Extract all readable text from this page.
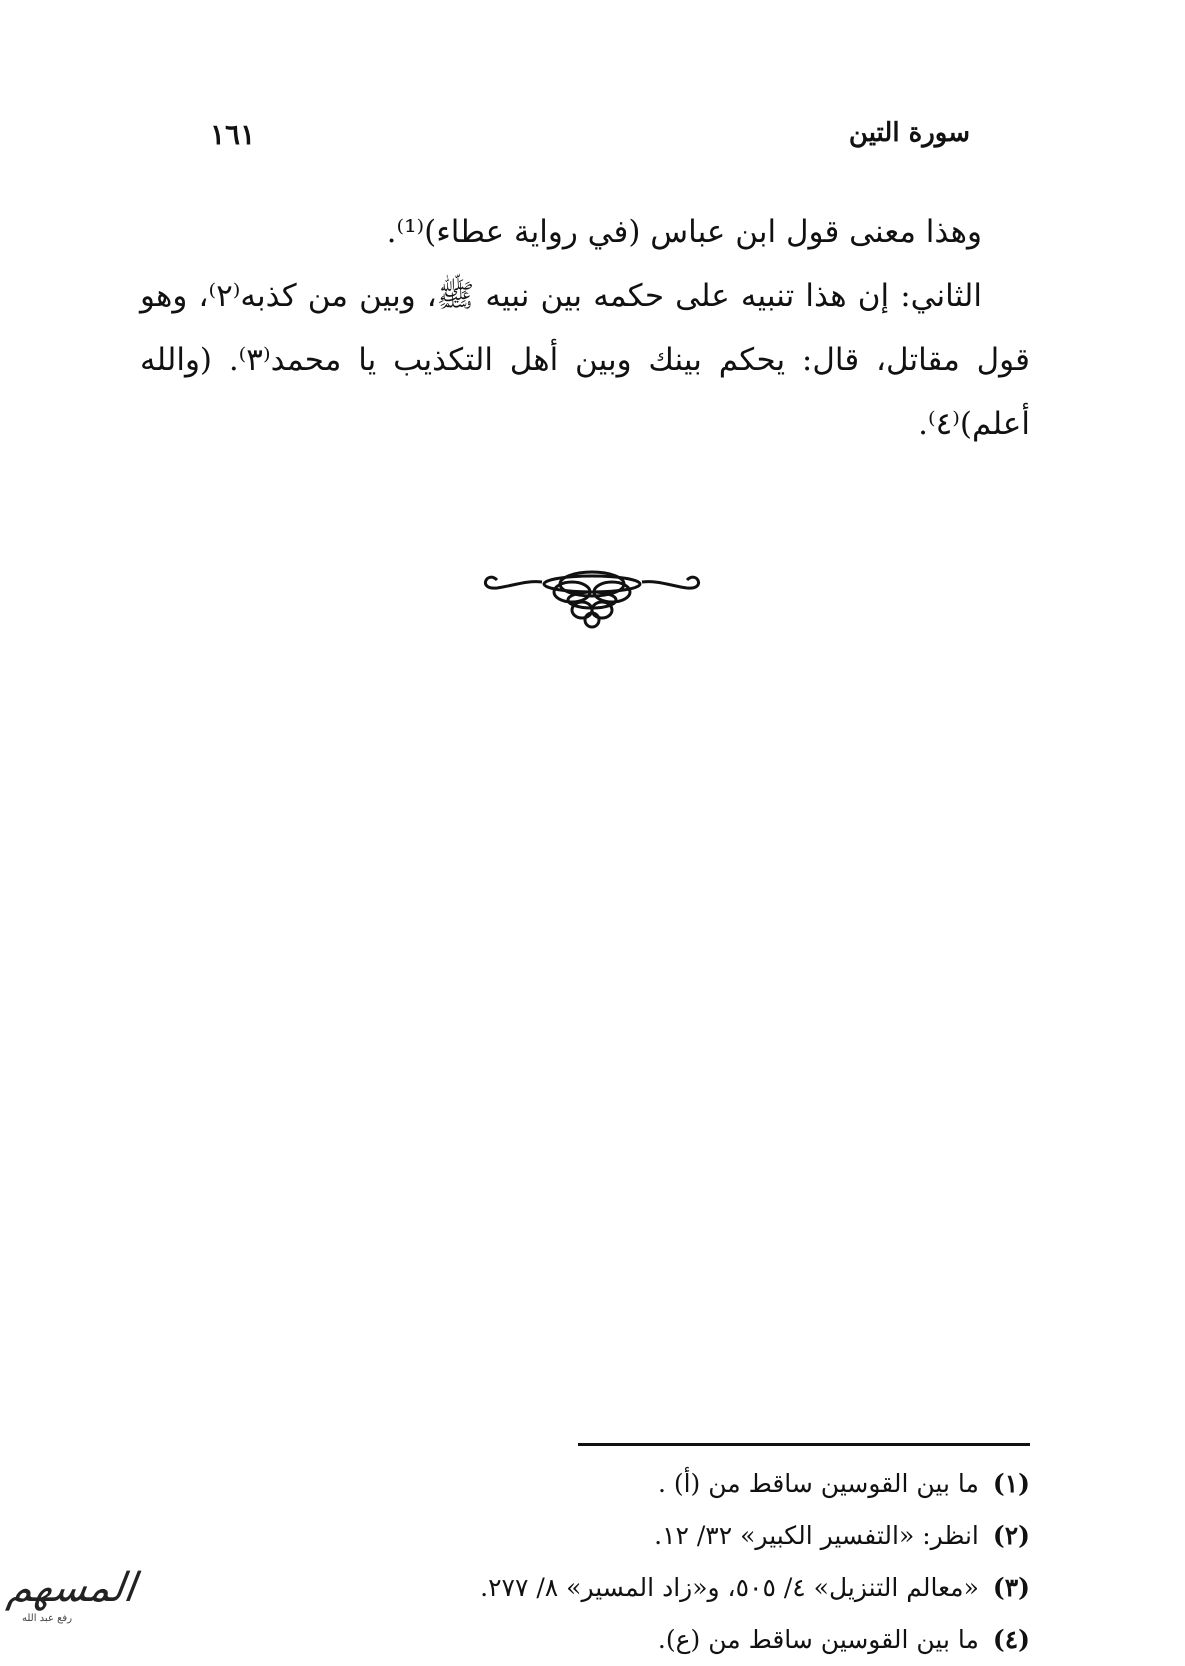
سورة التين
١٦١

وهذا معنى قول ابن عباس (في رواية عطاء)⁽¹⁾.

الثاني: إن هذا تنبيه على حكمه بين نبيه ﷺ، وبين من كذبه⁽٢⁾، وهو قول مقاتل، قال: يحكم بينك وبين أهل التكذيب يا محمد⁽٣⁾. (والله أعلم)⁽٤⁾.

(١)ما بين القوسين ساقط من (أ) .
(٢)انظر: «التفسير الكبير» ٣٢/ ١٢.
(٣)«معالم التنزيل» ٤/ ٥٠٥، و«زاد المسير» ٨/ ٢٧٧.
(٤)ما بين القوسين ساقط من (ع).
المسهم
رفع عبد الله
